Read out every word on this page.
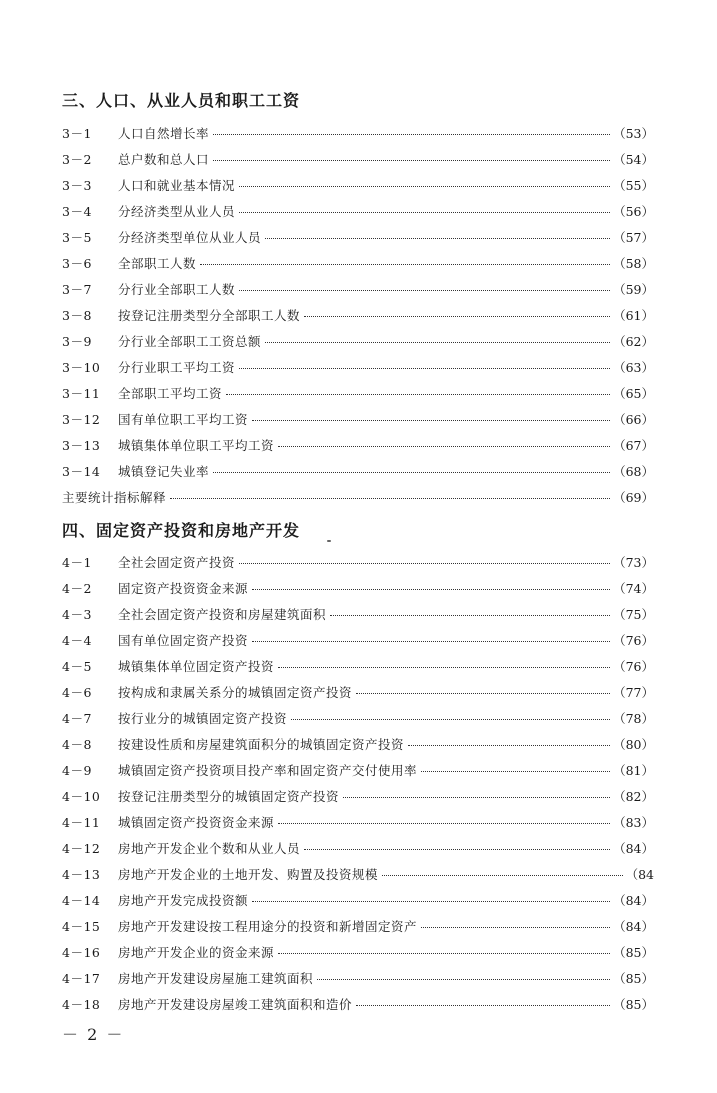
三、人口、从业人员和职工工资
3－1	人口自然增长率	（53）
3－2	总户数和总人口	（54）
3－3	人口和就业基本情况	（55）
3－4	分经济类型从业人员	（56）
3－5	分经济类型单位从业人员	（57）
3－6	全部职工人数	（58）
3－7	分行业全部职工人数	（59）
3－8	按登记注册类型分全部职工人数	（61）
3－9	分行业全部职工工资总额	（62）
3－10	分行业职工平均工资	（63）
3－11	全部职工平均工资	（65）
3－12	国有单位职工平均工资	（66）
3－13	城镇集体单位职工平均工资	（67）
3－14	城镇登记失业率	（68）
主要统计指标解释	（69）
四、固定资产投资和房地产开发
4－1	全社会固定资产投资	（73）
4－2	固定资产投资资金来源	（74）
4－3	全社会固定资产投资和房屋建筑面积	（75）
4－4	国有单位固定资产投资	（76）
4－5	城镇集体单位固定资产投资	（76）
4－6	按构成和隶属关系分的城镇固定资产投资	（77）
4－7	按行业分的城镇固定资产投资	（78）
4－8	按建设性质和房屋建筑面积分的城镇固定资产投资	（80）
4－9	城镇固定资产投资项目投产率和固定资产交付使用率	（81）
4－10	按登记注册类型分的城镇固定资产投资	（82）
4－11	城镇固定资产投资资金来源	（83）
4－12	房地产开发企业个数和从业人员	（84）
4－13	房地产开发企业的土地开发、购置及投资规模	（84
4－14	房地产开发完成投资额	（84）
4－15	房地产开发建设按工程用途分的投资和新增固定资产	（84）
4－16	房地产开发企业的资金来源	（85）
4－17	房地产开发建设房屋施工建筑面积	（85）
4－18	房地产开发建设房屋竣工建筑面积和造价	（85）
－ 2 －
